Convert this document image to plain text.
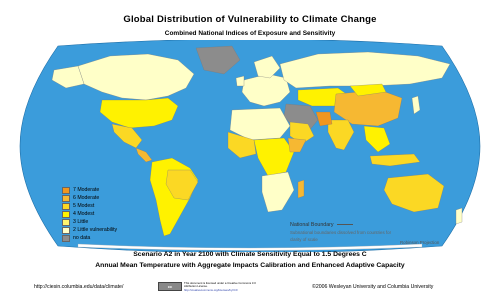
Global Distribution of Vulnerability to Climate Change
Combined National Indices of Exposure and Sensitivity
7 Moderate
6 Moderate
5 Modest
4 Modest
3 Little
2 Little vulnerability
no data
National Boundary
Subnational boundaries dissolved from countries for clarity of scale
Robinson Projection
Scenario A2 in Year 2100 with Climate Sensitivity Equal to 1.5 Degrees C
Annual Mean Temperature with Aggregate Impacts Calibration and Enhanced Adaptive Capacity
http://ciesin.columbia.edu/data/climate/	cc
This document is licensed under a Creative Commons 3.0 Attribution License.
http://creativecommons.org/licenses/by/3.0/	©2006 Wesleyan University and Columbia University
